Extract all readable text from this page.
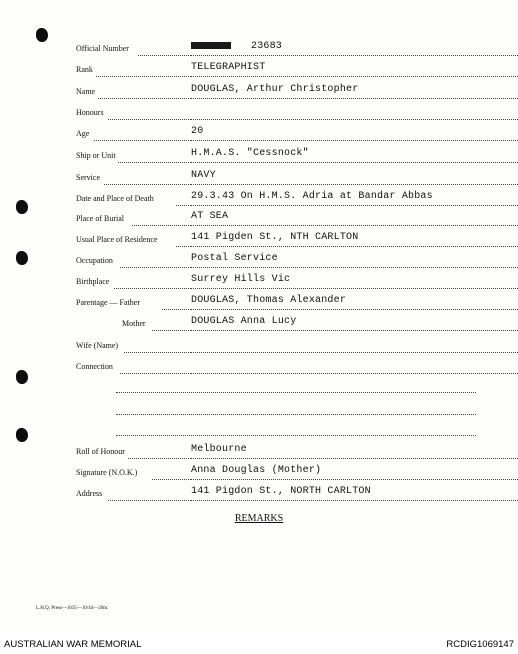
Official Number	23683
Rank	TELEGRAPHIST
Name	DOUGLAS, Arthur Christopher
Honours
Age	20
Ship or Unit	H.M.A.S. "Cessnock"
Service	NAVY
Date and Place of Death	29.3.43 On H.M.S. Adria at Bandar Abbas
Place of Burial	AT SEA
Usual Place of Residence	141 Pigden St., NTH CARLTON
Occupation	Postal Service
Birthplace	Surrey Hills Vic
Parentage — Father	DOUGLAS, Thomas Alexander
Mother	DOUGLAS Anna Lucy
Wife (Name)
Connection
Roll of Honour	Melbourne
Signature (N.O.K.)	Anna Douglas (Mother)
Address	141 Pigdon St., NORTH CARLTON
REMARKS
L.H.Q. Press—1635—10/44—20m.
AUSTRALIAN WAR MEMORIAL	RCDIG1069147
